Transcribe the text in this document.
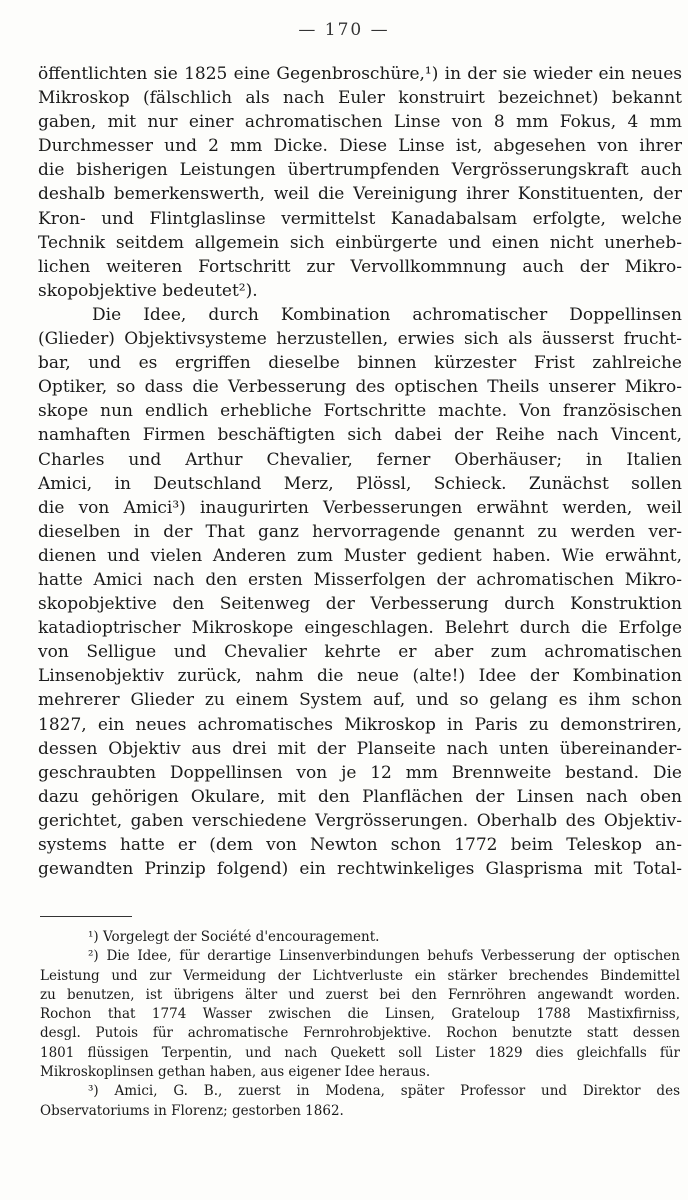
— 170 —
öffentlichten sie 1825 eine Gegenbroschüre,¹) in der sie wieder ein neues
Mikroskop (fälschlich als nach Euler konstruirt bezeichnet) bekannt
gaben, mit nur einer achromatischen Linse von 8 mm Fokus, 4 mm
Durchmesser und 2 mm Dicke. Diese Linse ist, abgesehen von ihrer
die bisherigen Leistungen übertrumpfenden Vergrösserungskraft auch
deshalb bemerkenswerth, weil die Vereinigung ihrer Konstituenten, der
Kron- und Flintglaslinse vermittelst Kanadabalsam erfolgte, welche
Technik seitdem allgemein sich einbürgerte und einen nicht unerheb-
lichen weiteren Fortschritt zur Vervollkommnung auch der Mikro-
skopobjektive bedeutet²).
Die Idee, durch Kombination achromatischer Doppellinsen
(Glieder) Objektivsysteme herzustellen, erwies sich als äusserst frucht-
bar, und es ergriffen dieselbe binnen kürzester Frist zahlreiche
Optiker, so dass die Verbesserung des optischen Theils unserer Mikro-
skope nun endlich erhebliche Fortschritte machte. Von französischen
namhaften Firmen beschäftigten sich dabei der Reihe nach Vincent,
Charles und Arthur Chevalier, ferner Oberhäuser; in Italien
Amici, in Deutschland Merz, Plössl, Schieck. Zunächst sollen
die von Amici³) inaugurirten Verbesserungen erwähnt werden, weil
dieselben in der That ganz hervorragende genannt zu werden ver-
dienen und vielen Anderen zum Muster gedient haben. Wie erwähnt,
hatte Amici nach den ersten Misserfolgen der achromatischen Mikro-
skopobjektive den Seitenweg der Verbesserung durch Konstruktion
katadioptrischer Mikroskope eingeschlagen. Belehrt durch die Erfolge
von Selligue und Chevalier kehrte er aber zum achromatischen
Linsenobjektiv zurück, nahm die neue (alte!) Idee der Kombination
mehrerer Glieder zu einem System auf, und so gelang es ihm schon
1827, ein neues achromatisches Mikroskop in Paris zu demonstriren,
dessen Objektiv aus drei mit der Planseite nach unten übereinander-
geschraubten Doppellinsen von je 12 mm Brennweite bestand. Die
dazu gehörigen Okulare, mit den Planflächen der Linsen nach oben
gerichtet, gaben verschiedene Vergrösserungen. Oberhalb des Objektiv-
systems hatte er (dem von Newton schon 1772 beim Teleskop an-
gewandten Prinzip folgend) ein rechtwinkeliges Glasprisma mit Total-
¹) Vorgelegt der Société d'encouragement.
²) Die Idee, für derartige Linsenverbindungen behufs Verbesserung der optischen
Leistung und zur Vermeidung der Lichtverluste ein stärker brechendes Bindemittel
zu benutzen, ist übrigens älter und zuerst bei den Fernröhren angewandt worden.
Rochon that 1774 Wasser zwischen die Linsen, Grateloup 1788 Mastixfirniss,
desgl. Putois für achromatische Fernrohrobjektive. Rochon benutzte statt dessen
1801 flüssigen Terpentin, und nach Quekett soll Lister 1829 dies gleichfalls für
Mikroskoplinsen gethan haben, aus eigener Idee heraus.
³) Amici, G. B., zuerst in Modena, später Professor und Direktor des
Observatoriums in Florenz; gestorben 1862.
